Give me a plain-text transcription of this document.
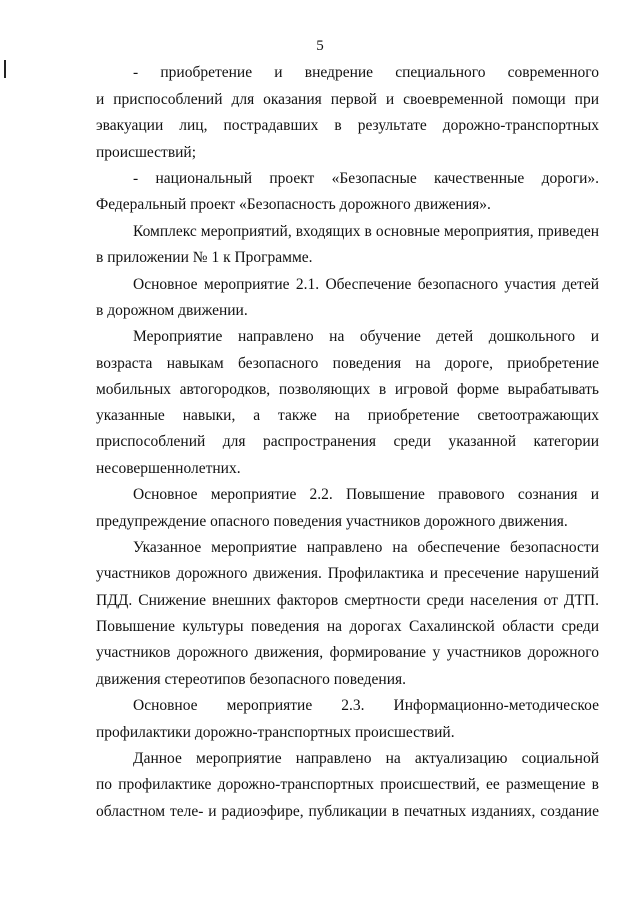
5
- приобретение и внедрение специального современного
и приспособлений для оказания первой и своевременной помощи при
эвакуации лиц, пострадавших в результате дорожно-транспортных
происшествий;
- национальный проект «Безопасные качественные дороги».
Федеральный проект «Безопасность дорожного движения».
Комплекс мероприятий, входящих в основные мероприятия, приведен
в приложении № 1 к Программе.
Основное мероприятие 2.1. Обеспечение безопасного участия детей
в дорожном движении.
Мероприятие направлено на обучение детей дошкольного и
возраста навыкам безопасного поведения на дороге, приобретение
мобильных автогородков, позволяющих в игровой форме вырабатывать
указанные навыки, а также на приобретение светоотражающих
приспособлений для распространения среди указанной категории
несовершеннолетних.
Основное мероприятие 2.2. Повышение правового сознания и
предупреждение опасного поведения участников дорожного движения.
Указанное мероприятие направлено на обеспечение безопасности
участников дорожного движения. Профилактика и пресечение нарушений
ПДД. Снижение внешних факторов смертности среди населения от ДТП.
Повышение культуры поведения на дорогах Сахалинской области среди
участников дорожного движения, формирование у участников дорожного
движения стереотипов безопасного поведения.
Основное мероприятие 2.3. Информационно-методическое
профилактики дорожно-транспортных происшествий.
Данное мероприятие направлено на актуализацию социальной
по профилактике дорожно-транспортных происшествий, ее размещение в
областном теле- и радиоэфире, публикации в печатных изданиях, создание
